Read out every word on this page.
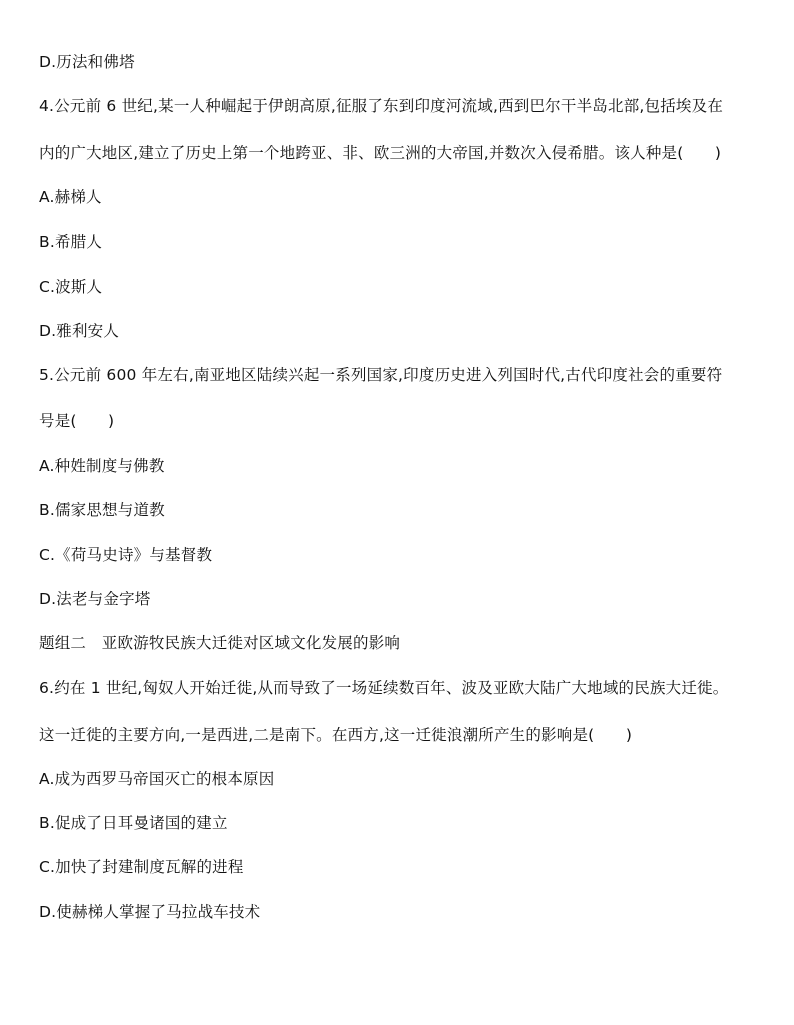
D.历法和佛塔
4.公元前 6 世纪,某一人种崛起于伊朗高原,征服了东到印度河流域,西到巴尔干半岛北部,包括埃及在
内的广大地区,建立了历史上第一个地跨亚、非、欧三洲的大帝国,并数次入侵希腊。该人种是(　　)
A.赫梯人
B.希腊人
C.波斯人
D.雅利安人
5.公元前 600 年左右,南亚地区陆续兴起一系列国家,印度历史进入列国时代,古代印度社会的重要符
号是(　　)
A.种姓制度与佛教
B.儒家思想与道教
C.《荷马史诗》与基督教
D.法老与金字塔
题组二　亚欧游牧民族大迁徙对区域文化发展的影响
6.约在 1 世纪,匈奴人开始迁徙,从而导致了一场延续数百年、波及亚欧大陆广大地域的民族大迁徙。
这一迁徙的主要方向,一是西进,二是南下。在西方,这一迁徙浪潮所产生的影响是(　　)
A.成为西罗马帝国灭亡的根本原因
B.促成了日耳曼诸国的建立
C.加快了封建制度瓦解的进程
D.使赫梯人掌握了马拉战车技术
